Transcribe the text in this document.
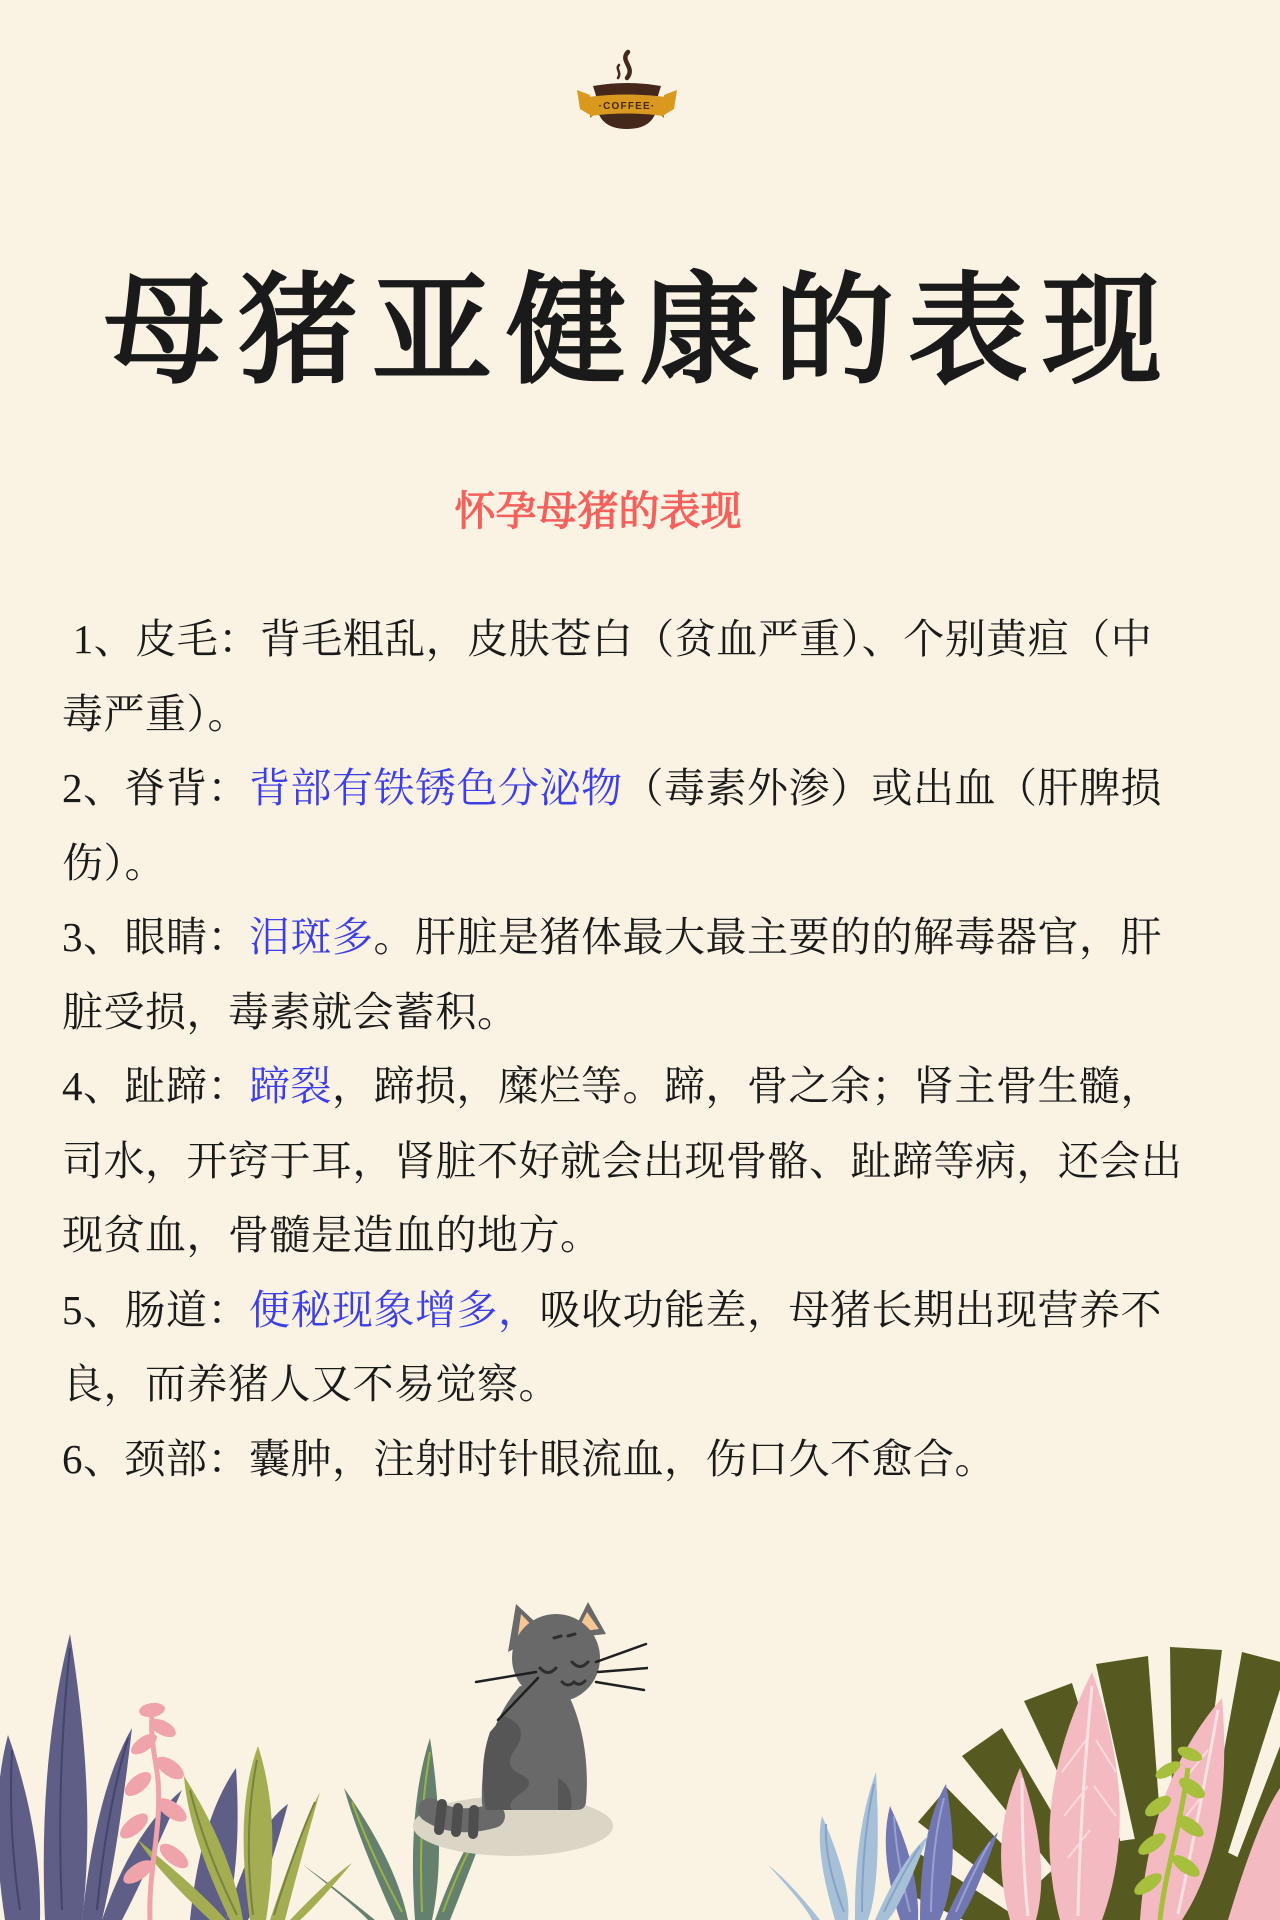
·COFFEE·
母猪亚健康的表现
怀孕母猪的表现
1、皮毛：背毛粗乱，皮肤苍白（贫血严重）、个别黄疸（中
毒严重）。
2、脊背：背部有铁锈色分泌物（毒素外渗）或出血（肝脾损
伤）。
3、眼睛：泪斑多。肝脏是猪体最大最主要的的解毒器官，肝
脏受损，毒素就会蓄积。
4、趾蹄：蹄裂，蹄损，糜烂等。蹄，骨之余；肾主骨生髓，
司水，开窍于耳，肾脏不好就会出现骨骼、趾蹄等病，还会出
现贫血，骨髓是造血的地方。
5、肠道：便秘现象增多，吸收功能差，母猪长期出现营养不
良，而养猪人又不易觉察。
6、颈部：囊肿，注射时针眼流血，伤口久不愈合。
